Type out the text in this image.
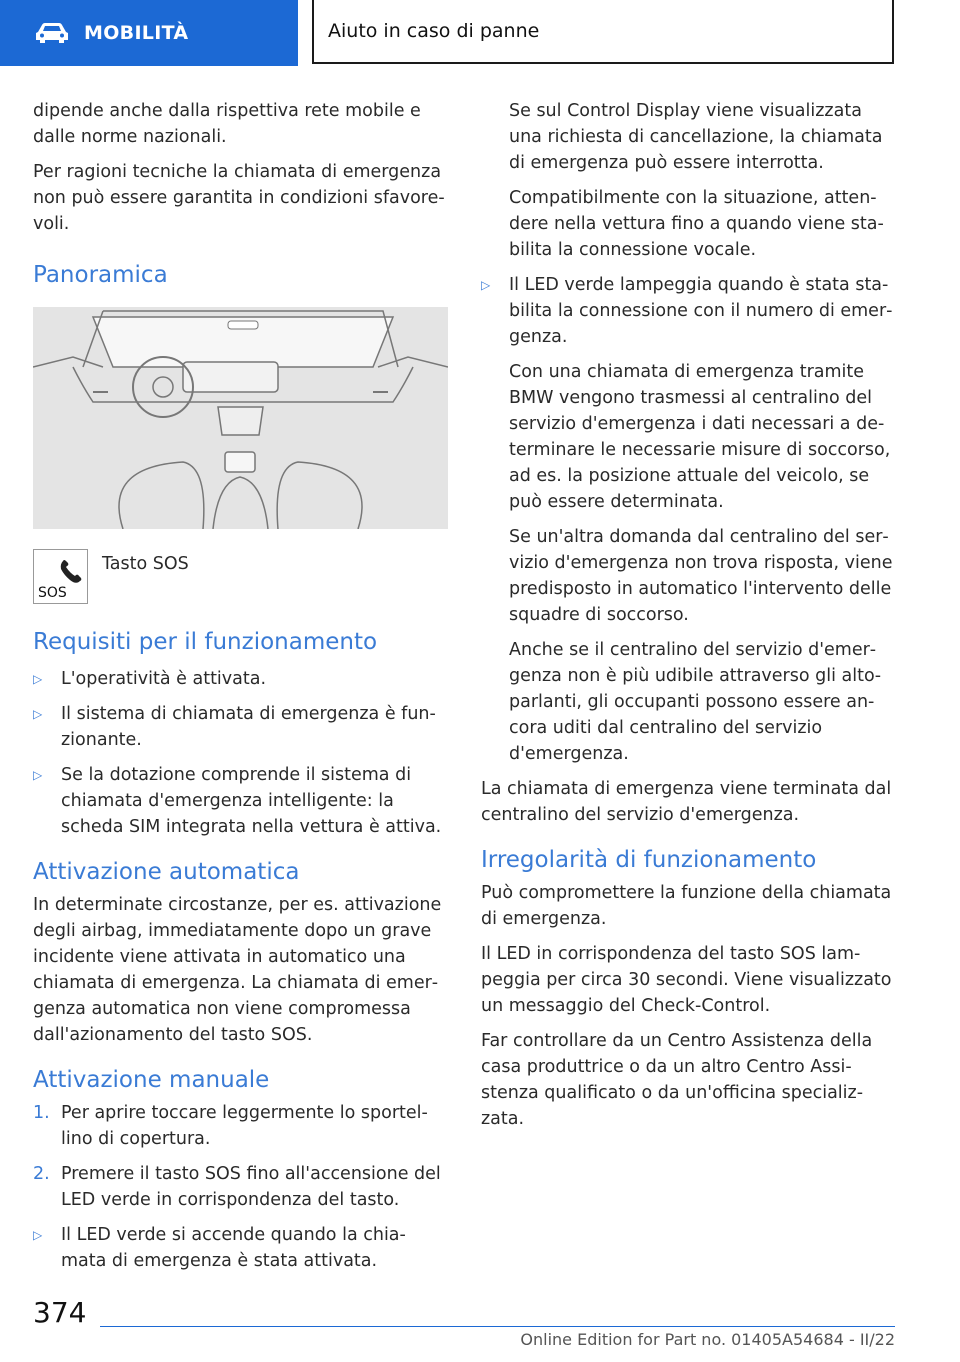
MOBILITÀ	Aiuto in caso di panne

dipende anche dalla rispettiva rete mobile e dalle norme nazionali.

Per ragioni tecniche la chiamata di emergenza non può essere garantita in condizioni sfavore‐voli.

Panoramica
SOS
Tasto SOS
Requisiti per il funzionamento
▷	L'operatività è attivata.
▷	Il sistema di chiamata di emergenza è fun‐zionante.
▷	Se la dotazione comprende il sistema di chiamata d'emergenza intelligente: la scheda SIM integrata nella vettura è attiva.
Attivazione automatica

In determinate circostanze, per es. attivazione degli airbag, immediatamente dopo un grave incidente viene attivata in automatico una chiamata di emergenza. La chiamata di emer‐genza automatica non viene compromessa dall'azionamento del tasto SOS.

Attivazione manuale
1. Per aprire toccare leggermente lo sportel‐lino di copertura.
2. Premere il tasto SOS fino all'accensione del LED verde in corrispondenza del tasto.
▷	Il LED verde si accende quando la chia‐mata di emergenza è stata attivata.

Se sul Control Display viene visualizzata una richiesta di cancellazione, la chiamata di emergenza può essere interrotta.

Compatibilmente con la situazione, atten‐dere nella vettura fino a quando viene sta‐bilita la connessione vocale.

▷	Il LED verde lampeggia quando è stata sta‐bilita la connessione con il numero di emer‐genza.

Con una chiamata di emergenza tramite BMW vengono trasmessi al centralino del servizio d'emergenza i dati necessari a de‐terminare le necessarie misure di soccorso, ad es. la posizione attuale del veicolo, se può essere determinata.

Se un'altra domanda dal centralino del ser‐vizio d'emergenza non trova risposta, viene predisposto in automatico l'intervento delle squadre di soccorso.

Anche se il centralino del servizio d'emer‐genza non è più udibile attraverso gli alto‐parlanti, gli occupanti possono essere an‐cora uditi dal centralino del servizio d'emergenza.

La chiamata di emergenza viene terminata dal centralino del servizio d'emergenza.

Irregolarità di funzionamento

Può compromettere la funzione della chiamata di emergenza.

Il LED in corrispondenza del tasto SOS lam‐peggia per circa 30 secondi. Viene visualizzato un messaggio del Check-Control.

Far controllare da un Centro Assistenza della casa produttrice o da un altro Centro Assi‐stenza qualificato o da un'officina specializ‐zata.

374
Online Edition for Part no. 01405A54684 - II/22
